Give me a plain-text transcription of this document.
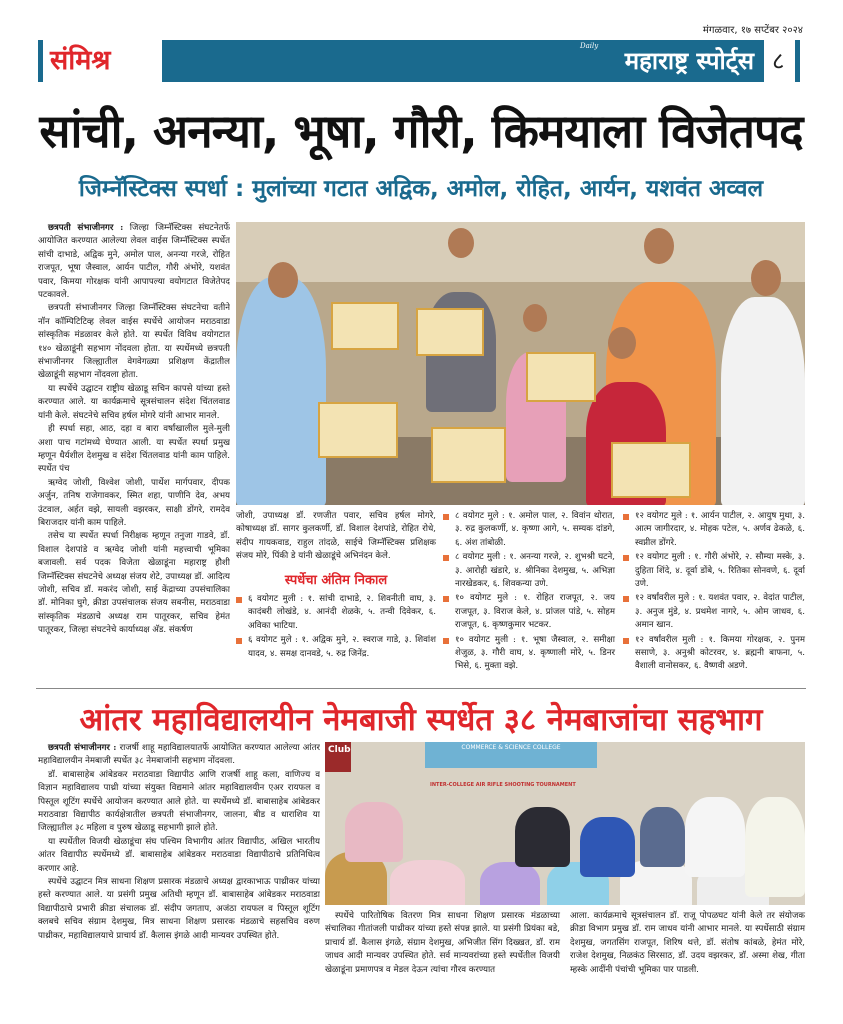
मंगळवार, १७ सप्टेंबर २०२४
संमिश्र	Daily
महाराष्ट्र स्पोर्ट्स ८
सांची, अनन्या, भूषा, गौरी, किमयाला विजेतपद
जिम्नॅस्टिक्स स्पर्धा : मुलांच्या गटात अद्विक, अमोल, रोहित, आर्यन, यशवंत अव्वल

छत्रपती संभाजीनगर : जिल्हा जिम्नॅस्टिक्स संघटनेतर्फे आयोजित करण्यात आलेल्या लेवल वाईस जिम्नॅस्टिक्स स्पर्धेत सांची दाभाडे, अद्विक मुने, अमोल पाल, अनन्या गरजे, रोहित राजपूत, भूषा जैस्वाल, आर्यन पाटील, गौरी अंभोरे, यशवंत पवार, किमया गोरक्षक यांनी आपापल्या वयोगटात विजेतेपद पटकावले.

छत्रपती संभाजीनगर जिल्हा जिम्नॅस्टिक्स संघटनेचा वतीने नॉन कॉम्पिटिटिव्ह लेवल वाईस स्पर्धेचे आयोजन मराठवाडा सांस्कृतिक मंडळावर केले होते. या स्पर्धेत विविध वयोगटात १४० खेळाडूंनी सहभाग नोंदवला होता. या स्पर्धेमध्ये छत्रपती संभाजीनगर जिल्ह्यातील वेगवेगळ्या प्रशिक्षण केंद्रातील खेळाडूंनी सहभाग नोंदवला होता.

या स्पर्धेचे उद्घाटन राष्ट्रीय खेळाडू सचिन कापसे यांच्या हस्ते करण्यात आले. या कार्यक्रमाचे सूत्रसंचालन संदेश चिंतलवाड यांनी केले. संघटनेचे सचिव हर्षल मोगरे यांनी आभार मानले.

ही स्पर्धा सहा, आठ, दहा व बारा वर्षांखालील मुले-मुली अशा पाच गटांमध्ये घेण्यात आली. या स्पर्धेत स्पर्धा प्रमुख म्हणून धैर्यशील देशमुख व संदेश चिंतलवाड यांनी काम पाहिले. स्पर्धेत पंच

ऋग्वेद जोशी, विश्वेश जोशी, पार्थेश मार्गपवार, दीपक अर्जुन, तनिष राजेगावकर, स्मित शहा, पाणीनि देव, अभय उंटवाल, अर्हत वझे, सायली वझरकर, साक्षी डोंगरे, रामदेव बिराजदार यांनी काम पाहिले.

तसेच या स्पर्धेत स्पर्धा निरीक्षक म्हणून तनुजा गाडवे, डॉ. विशाल देशपांडे व ऋग्वेद जोशी यांनी महत्त्वाची भूमिका बजावली. सर्व पदक विजेता खेळाडूंना महाराष्ट्र हौशी जिम्नॅस्टिक्स संघटनेचे अध्यक्ष संजय शेटे, उपाध्यक्ष डॉ. आदित्य जोशी, सचिव डॉ. मकरंद जोशी, साई केंद्राच्या उपसंचालिका डॉ. मोनिका घुगे, क्रीडा उपसंचालक संजय सबनीस, मराठवाडा सांस्कृतिक मंडळाचे अध्यक्ष राम पातूरकर, सचिव हेमंत पातूरकर, जिल्हा संघटनेचे कार्याध्यक्ष अ‍ॅड. संकर्षण

जोशी, उपाध्यक्ष डॉ. रणजीत पवार, सचिव हर्षल मोगरे, कोषाध्यक्ष डॉ. सागर कुलकर्णी, डॉ. विशाल देशपांडे, रोहित रोधे, संदीप गायकवाड, राहुल तांदळे, साईचे जिम्नॅस्टिक्स प्रशिक्षक संजय मोरे, पिंकी डे यांनी खेळाडूंचे अभिनंदन केले.

स्पर्धेचा अंतिम निकाल
६ वयोगट मुली : १. सांची दाभाडे, २. शिवनीती वाघ, ३. कादंबरी लोखंडे, ४. आनंदी शेळके, ५. तन्वी दिवेकर, ६. अविका भाटिया.
६ वयोगट मुले : १. अद्विक मुने, २. स्वराज गाडे, ३. शिवांश यादव, ४. समक्ष दानवडे, ५. रुद्र जिनेंद्र.
८ वयोगट मुले : १. अमोल पाल, २. विवांन थोरात, ३. रुद्र कुलकर्णी, ४. कृष्णा आगे, ५. सम्यक दांडगे, ६. अंश तांबोळी.
८ वयोगट मुली : १. अनन्या गरजे, २. शुभश्री घटने, ३. आरोही खंडारे, ४. श्रीनिका देशमुख, ५. अभिज्ञा नारखेडकर, ६. शिवकन्या उणे.
१० वयोगट मुले : १. रोहित राजपूत, २. जय राजपूत, ३. विराज केले, ४. प्रांजल पांडे, ५. सोहम राजपूत, ६. कृष्णकुमार भटकर.
१० वयोगट मुली : १. भूषा जैस्वाल, २. समीक्षा शेजुळ, ३. गौरी वाघ, ४. कृष्णाली मोरे, ५. डिनर भिसे, ६. मुक्ता वझे.
१२ वयोगट मुले : १. आर्यन पाटील, २. आयुष मुथा, ३. आत्म जागीरदार, ४. मोहक पटेल, ५. अर्णव ढेकळे, ६. स्वप्नील डोंगरे.
१२ वयोगट मुली : १. गौरी अंभोरे, २. सौम्या मस्के, ३. दुहिता शिंदे, ४. दूर्वा डोंबे, ५. रितिका सोनवणे, ६. दूर्वा उणे.
१२ वर्षांवरील मुले : १. यशवंत पवार, २. वेदांत पाटील, ३. अनुज मुंडे, ४. प्रथमेश नागरे, ५. ओम जाधव, ६. अमान खान.
१२ वर्षांवरील मुली : १. किमया गोरक्षक, २. पुनम ससाणे, ३. अनुश्री कोटरवर, ४. ब्रह्मनी बाफना, ५. वैशाली वानोसकर, ६. वैष्णवी अडणे.
आंतर महाविद्यालयीन नेमबाजी स्पर्धेत ३८ नेमबाजांचा सहभाग

छत्रपती संभाजीनगर : राजर्षी शाहू महाविद्यालयातर्फे आयोजित करण्यात आलेल्या आंतर महाविद्यालयीन नेमबाजी स्पर्धेत ३८ नेमबाजांनी सहभाग नोंदवला.

डॉ. बाबासाहेब आंबेडकर मराठवाडा विद्यापीठ आणि राजर्षी शाहू कला, वाणिज्य व विज्ञान महाविद्यालय पाथ्री यांच्या संयुक्त विद्यमाने आंतर महाविद्यालयीन एअर रायफल व पिस्तूल शूटिंग स्पर्धेचे आयोजन करण्यात आले होते. या स्पर्धेमध्ये डॉ. बाबासाहेब आंबेडकर मराठवाडा विद्यापीठ कार्यक्षेत्रातील छत्रपती संभाजीनगर, जालना, बीड व धाराशिव या जिल्ह्यातील ३८ महिला व पुरुष खेळाडू सहभागी झाले होते.

या स्पर्धेतील विजयी खेळाडूंचा संघ पश्चिम विभागीय आंतर विद्यापीठ, अखिल भारतीय आंतर विद्यापीठ स्पर्धेमध्ये डॉ. बाबासाहेब आंबेडकर मराठवाडा विद्यापीठाचे प्रतिनिधित्व करणार आहे.

स्पर्धेचे उद्घाटन मित्र साधना शिक्षण प्रसारक मंडळाचे अध्यक्ष द्वारकाभाऊ पाथ्रीकर यांच्या हस्ते करण्यात आले. या प्रसंगी प्रमुख अतिथी म्हणून डॉ. बाबासाहेब आंबेडकर मराठवाडा विद्यापीठाचे प्रभारी क्रीडा संचालक डॉ. संदीप जगताप, अजंठा रायफल व पिस्तूल शूटिंग क्लबचे सचिव संग्राम देशमुख, मित्र साधना शिक्षण प्रसारक मंडळाचे सहसचिव वरुण पाथ्रीकर, महाविद्यालयाचे प्राचार्य डॉ. कैलास इंगळे आदी मान्यवर उपस्थित होते.

Club	COMMERCE & SCIENCE COLLEGE
INTER-COLLEGE AIR RIFLE SHOOTING TOURNAMENT

स्पर्धेचे पारितोषिक वितरण मित्र साधना शिक्षण प्रसारक मंडळाच्या संचालिका गीतांजली पाथ्रीकर यांच्या हस्ते संपन्न झाले. या प्रसंगी प्रियंका बडे, प्राचार्य डॉ. कैलास इंगळे, संग्राम देशमुख, अभिजीत सिंग दिख्खत, डॉ. राम जाधव आदी मान्यवर उपस्थित होते. सर्व मान्यवरांच्या हस्ते स्पर्धेतील विजयी खेळाडूंना प्रमाणपत्र व मेडल देऊन त्यांचा गौरव करण्यात

आला. कार्यक्रमाचे सूत्रसंचालन डॉ. राजू पोपळघट यांनी केले तर संयोजक क्रीडा विभाग प्रमुख डॉ. राम जाधव यांनी आभार मानले. या स्पर्धेसाठी संग्राम देशमुख, जगतसिंग राजपूत, शिरिष थत्ते, डॉ. संतोष कांबळे, हेमंत मोरे, राजेश देशमुख, निळकंठ सिरसाठ, डॉ. उदय वझरकर, डॉ. अस्मा शेख, गीता म्हस्के आदींनी पंचांची भूमिका पार पाडली.
